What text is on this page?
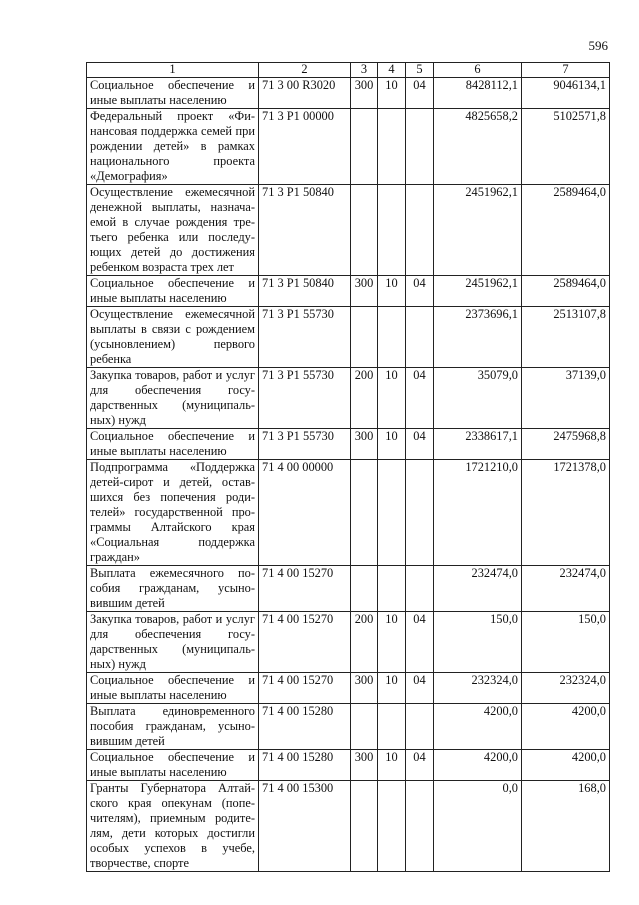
596
1	2	3	4	5	6	7
Социальное обеспечение и иные выплаты населению	71 3 00 R3020	300	10	04	8428112,1	9046134,1
Федеральный проект «Финансовая поддержка семей при рождении детей» в рамках национального проекта «Демография»	71 3 P1 00000				4825658,2	5102571,8
Осуществление ежемесячной денежной выплаты, назначаемой в случае рождения третьего ребенка или последующих детей до достижения ребенком возраста трех лет	71 3 P1 50840				2451962,1	2589464,0
Социальное обеспечение и иные выплаты населению	71 3 P1 50840	300	10	04	2451962,1	2589464,0
Осуществление ежемесячной выплаты в связи с рождением (усыновлением) первого ребенка	71 3 P1 55730				2373696,1	2513107,8
Закупка товаров, работ и услуг для обеспечения государственных (муниципальных) нужд	71 3 P1 55730	200	10	04	35079,0	37139,0
Социальное обеспечение и иные выплаты населению	71 3 P1 55730	300	10	04	2338617,1	2475968,8
Подпрограмма «Поддержка детей-сирот и детей, оставшихся без попечения родителей» государственной программы Алтайского края «Социальная поддержка граждан»	71 4 00 00000				1721210,0	1721378,0
Выплата ежемесячного пособия гражданам, усыновившим детей	71 4 00 15270				232474,0	232474,0
Закупка товаров, работ и услуг для обеспечения государственных (муниципальных) нужд	71 4 00 15270	200	10	04	150,0	150,0
Социальное обеспечение и иные выплаты населению	71 4 00 15270	300	10	04	232324,0	232324,0
Выплата единовременного пособия гражданам, усыновившим детей	71 4 00 15280				4200,0	4200,0
Социальное обеспечение и иные выплаты населению	71 4 00 15280	300	10	04	4200,0	4200,0
Гранты Губернатора Алтайского края опекунам (попечителям), приемным родителям, дети которых достигли особых успехов в учебе, творчестве, спорте	71 4 00 15300				0,0	168,0
